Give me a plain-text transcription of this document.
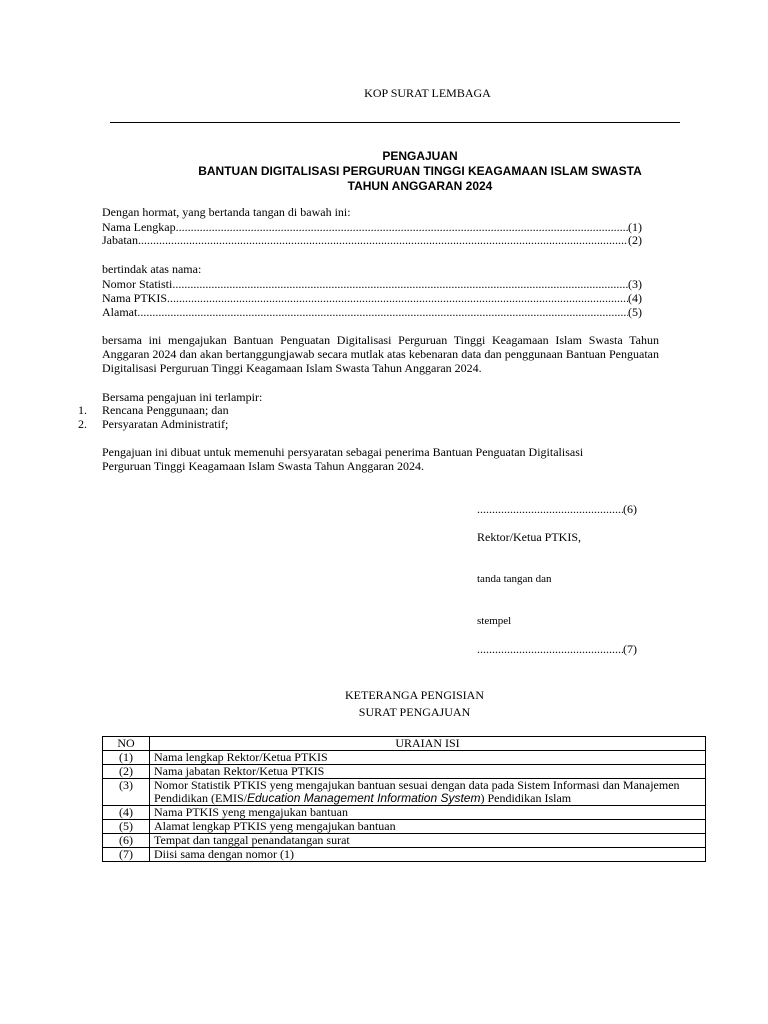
KOP SURAT LEMBAGA
PENGAJUAN
BANTUAN DIGITALISASI PERGURUAN TINGGI KEAGAMAAN ISLAM SWASTA
TAHUN ANGGARAN 2024
Dengan hormat, yang bertanda tangan di bawah ini:
Nama Lengkap .....	(1)
Jabatan .....	(2)
bertindak atas nama:
Nomor Statisti .....	(3)
Nama PTKIS .....	(4)
Alamat .....	(5)
bersama ini mengajukan Bantuan Penguatan Digitalisasi Perguruan Tinggi Keagamaan Islam Swasta Tahun Anggaran 2024 dan akan bertanggungjawab secara mutlak atas kebenaran data dan penggunaan Bantuan Penguatan Digitalisasi Perguruan Tinggi Keagamaan Islam Swasta Tahun Anggaran 2024.
Bersama pengajuan ini terlampir:
1. Rencana Penggunaan; dan
2. Persyaratan Administratif;
Pengajuan ini dibuat untuk memenuhi persyaratan sebagai penerima Bantuan Penguatan Digitalisasi Perguruan Tinggi Keagamaan Islam Swasta Tahun Anggaran 2024.
.....
(6)
Rektor/Ketua PTKIS,
tanda tangan dan
stempel
.....
(7)
KETERANGA PENGISIAN
SURAT PENGAJUAN
NO	URAIAN ISI
(1)	Nama lengkap Rektor/Ketua PTKIS
(2)	Nama jabatan Rektor/Ketua PTKIS
(3)	Nomor Statistik PTKIS yeng mengajukan bantuan sesuai dengan data pada Sistem Informasi dan Manajemen Pendidikan (EMIS/Education Management Information System) Pendidikan Islam
(4)	Nama PTKIS yeng mengajukan bantuan
(5)	Alamat lengkap PTKIS yeng mengajukan bantuan
(6)	Tempat dan tanggal penandatangan surat
(7)	Diisi sama dengan nomor (1)
